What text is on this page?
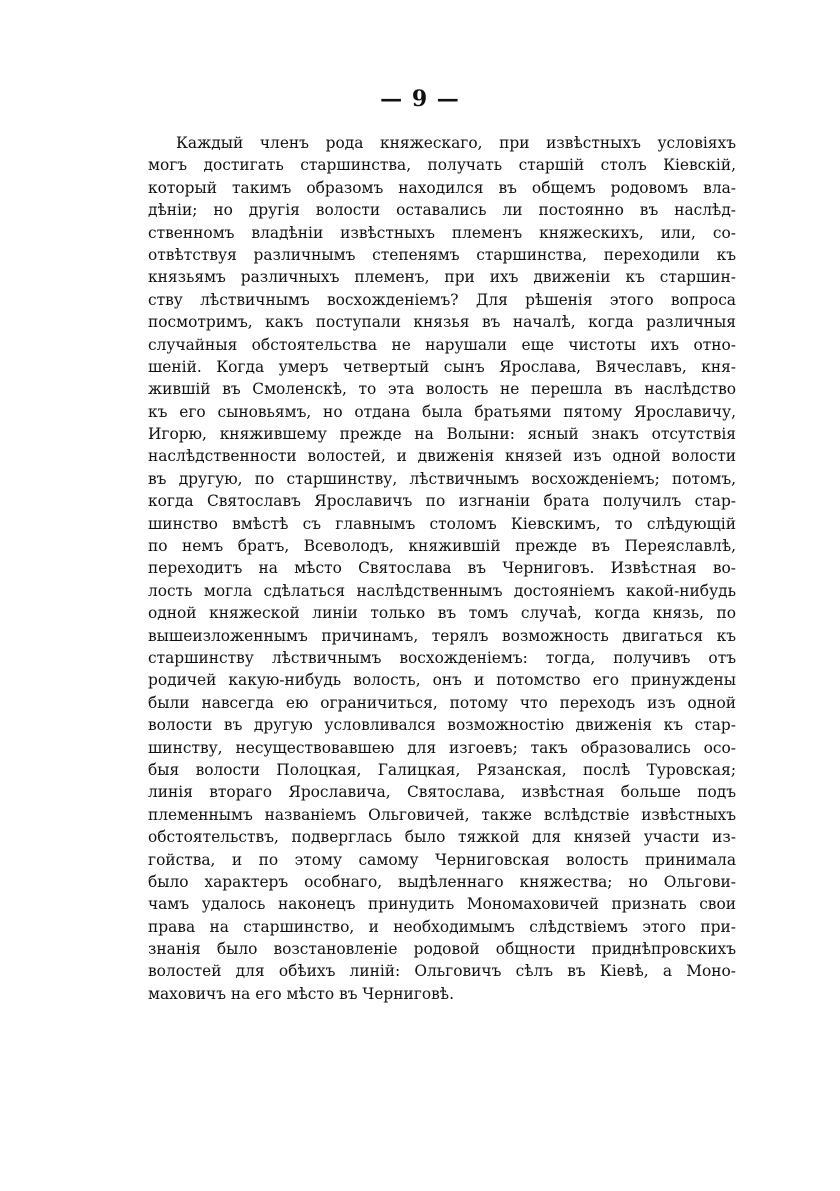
— 9 —
Каждый членъ рода княжескаго, при извѣстныхъ условіяхъ
могъ достигать старшинства, получать старшій столъ Кіевскій,
который такимъ образомъ находился въ общемъ родовомъ вла-
дѣніи; но другія волости оставались ли постоянно въ наслѣд-
ственномъ владѣніи извѣстныхъ племенъ княжескихъ, или, со-
отвѣтствуя различнымъ степенямъ старшинства, переходили къ
князьямъ различныхъ племенъ, при ихъ движеніи къ старшин-
ству лѣствичнымъ восхожденіемъ? Для рѣшенія этого вопроса
посмотримъ, какъ поступали князья въ началѣ, когда различныя
случайныя обстоятельства не нарушали еще чистоты ихъ отно-
шеній. Когда умеръ четвертый сынъ Ярослава, Вячеславъ, кня-
жившій въ Смоленскѣ, то эта волость не перешла въ наслѣдство
къ его сыновьямъ, но отдана была братьями пятому Ярославичу,
Игорю, княжившему прежде на Волыни: ясный знакъ отсутствія
наслѣдственности волостей, и движенія князей изъ одной волости
въ другую, по старшинству, лѣствичнымъ восхожденіемъ; потомъ,
когда Святославъ Ярославичъ по изгнаніи брата получилъ стар-
шинство вмѣстѣ съ главнымъ столомъ Кіевскимъ, то слѣдующій
по немъ братъ, Всеволодъ, княжившій прежде въ Переяславлѣ,
переходитъ на мѣсто Святослава въ Черниговъ. Извѣстная во-
лость могла сдѣлаться наслѣдственнымъ достояніемъ какой-нибудь
одной княжеской линіи только въ томъ случаѣ, когда князь, по
вышеизложеннымъ причинамъ, терялъ возможность двигаться къ
старшинству лѣствичнымъ восхожденіемъ: тогда, получивъ отъ
родичей какую-нибудь волость, онъ и потомство его принуждены
были навсегда ею ограничиться, потому что переходъ изъ одной
волости въ другую условливался возможностію движенія къ стар-
шинству, несуществовавшею для изгоевъ; такъ образовались осо-
быя волости Полоцкая, Галицкая, Рязанская, послѣ Туровская;
линія втораго Ярославича, Святослава, извѣстная больше подъ
племеннымъ названіемъ Ольговичей, также вслѣдствіе извѣстныхъ
обстоятельствъ, подверглась было тяжкой для князей участи из-
гойства, и по этому самому Черниговская волость принимала
было характеръ особнаго, выдѣленнаго княжества; но Ольгови-
чамъ удалось наконецъ принудить Мономаховичей признать свои
права на старшинство, и необходимымъ слѣдствіемъ этого при-
знанія было возстановленіе родовой общности приднѣпровскихъ
волостей для обѣихъ линій: Ольговичъ сѣлъ въ Кіевѣ, а Моно-
маховичъ на его мѣсто въ Черниговѣ.
